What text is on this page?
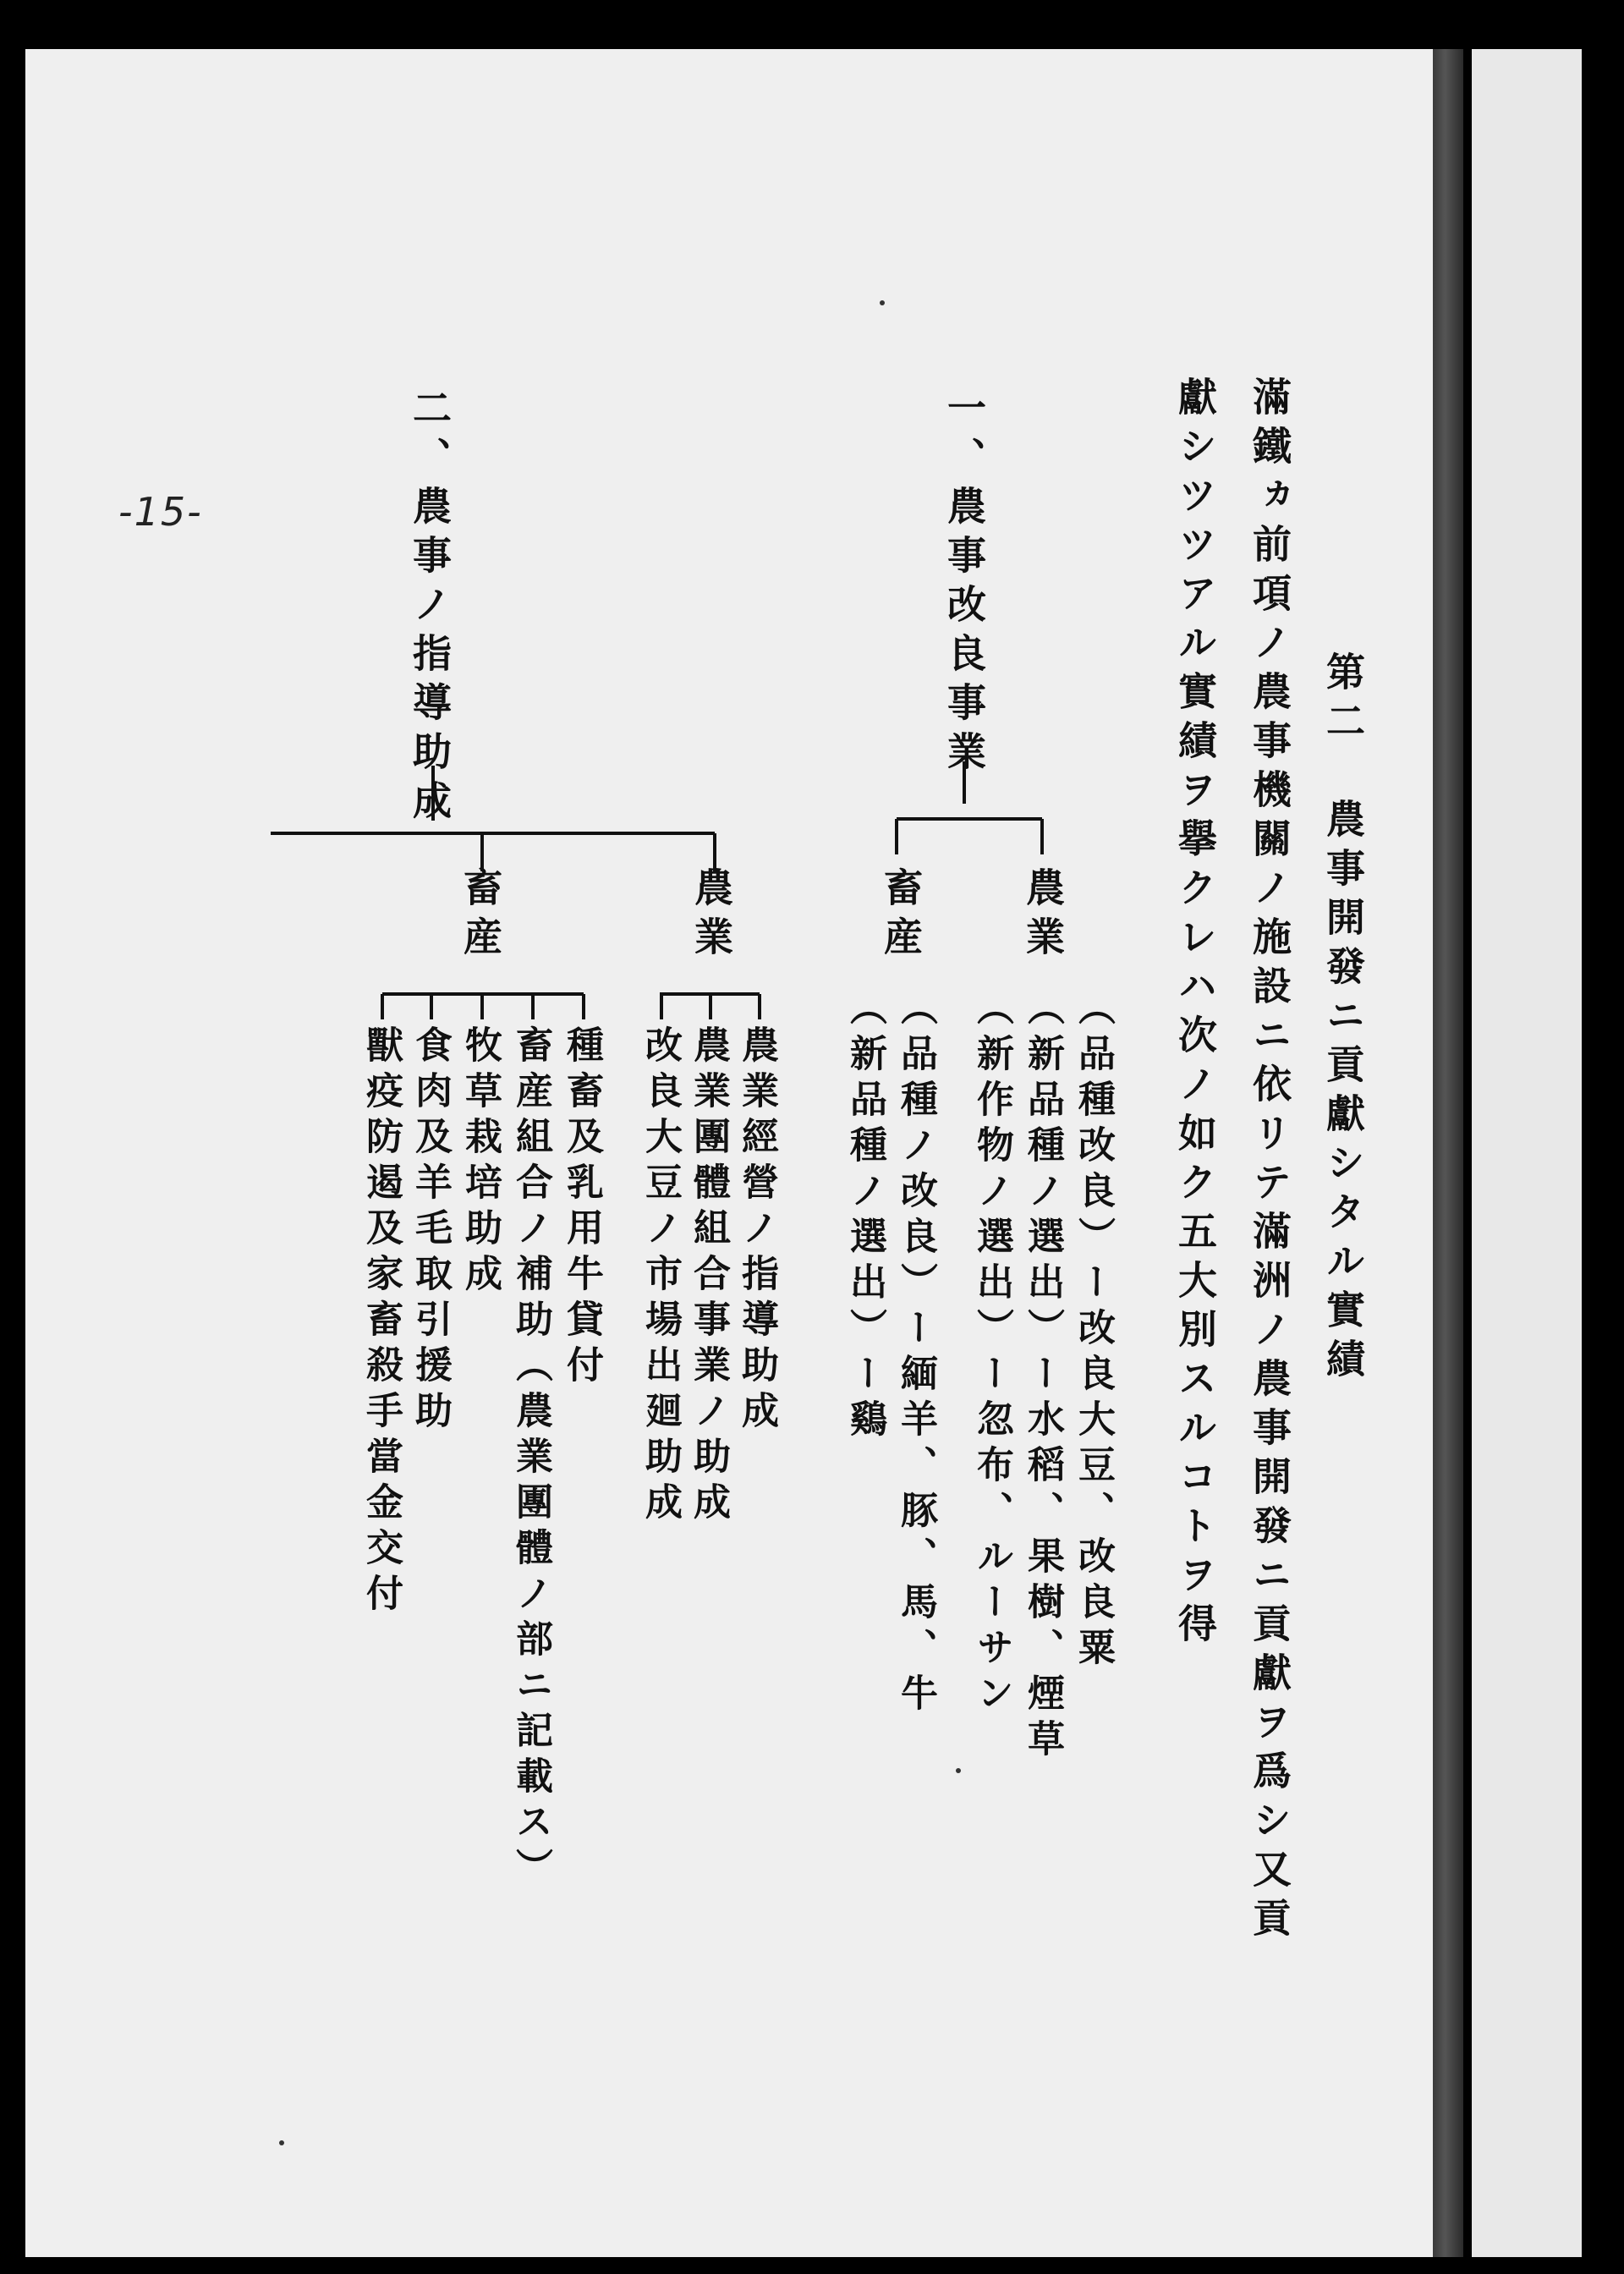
-15-
第二　農事開發ニ貢獻シタル實績
滿鐵ヵ前項ノ農事機關ノ施設ニ依リテ滿洲ノ農事開發ニ貢獻ヲ爲シ又貢
獻シツツアル實績ヲ擧クレハ次ノ如ク五大別スルコトヲ得
一、農事改良事業
農業
畜産
（品種改良）ー改良大豆、改良粟
（新品種ノ選出）ー水稻、果樹、煙草
（新作物ノ選出）ー忽布、ルーサン
（品種ノ改良）ー緬羊、豚、馬、牛
（新品種ノ選出）ー鷄
二、農事ノ指導助成
農業
畜産
農業經營ノ指導助成
農業團體組合事業ノ助成
改良大豆ノ市場出廻助成
種畜及乳用牛貸付
畜産組合ノ補助（農業團體ノ部ニ記載ス）
牧草栽培助成
食肉及羊毛取引援助
獸疫防遏及家畜殺手當金交付
